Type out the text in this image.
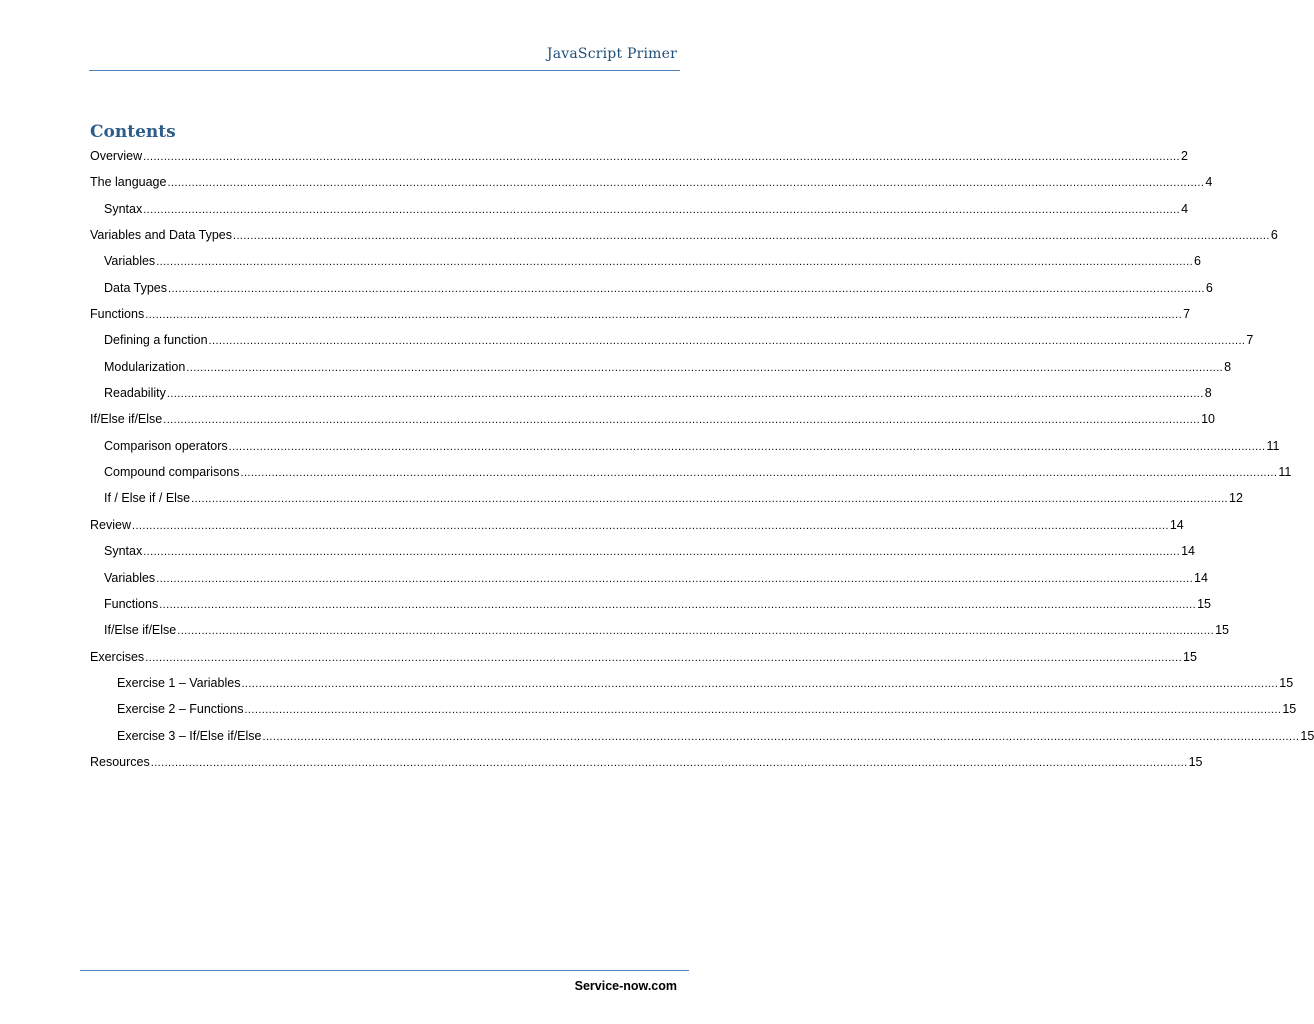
JavaScript Primer
Contents
Overview ............................................................................................................................................................................................................................................................................................................ 2
The language ............................................................................................................................................................................................................................................................................................................ 4
Syntax ............................................................................................................................................................................................................................................................................................................ 4
Variables and Data Types ............................................................................................................................................................................................................................................................................................................ 6
Variables ............................................................................................................................................................................................................................................................................................................ 6
Data Types ............................................................................................................................................................................................................................................................................................................ 6
Functions ............................................................................................................................................................................................................................................................................................................ 7
Defining a function ............................................................................................................................................................................................................................................................................................................ 7
Modularization ............................................................................................................................................................................................................................................................................................................ 8
Readability ............................................................................................................................................................................................................................................................................................................ 8
If/Else if/Else ............................................................................................................................................................................................................................................................................................................ 10
Comparison operators ............................................................................................................................................................................................................................................................................................................ 11
Compound comparisons ............................................................................................................................................................................................................................................................................................................ 11
If / Else if / Else ............................................................................................................................................................................................................................................................................................................ 12
Review ............................................................................................................................................................................................................................................................................................................ 14
Syntax ............................................................................................................................................................................................................................................................................................................ 14
Variables ............................................................................................................................................................................................................................................................................................................ 14
Functions ............................................................................................................................................................................................................................................................................................................ 15
If/Else if/Else ............................................................................................................................................................................................................................................................................................................ 15
Exercises ............................................................................................................................................................................................................................................................................................................ 15
Exercise 1 – Variables ............................................................................................................................................................................................................................................................................................................ 15
Exercise 2 – Functions ............................................................................................................................................................................................................................................................................................................ 15
Exercise 3 – If/Else if/Else ............................................................................................................................................................................................................................................................................................................ 15
Resources ............................................................................................................................................................................................................................................................................................................ 15
Service-now.com
